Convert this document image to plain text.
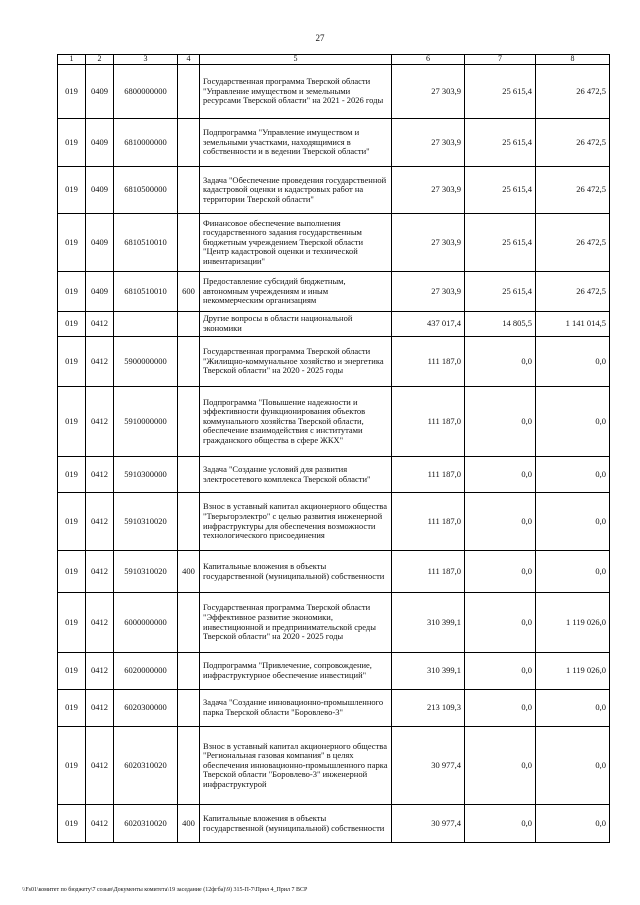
27
1	2	3	4	5	6	7	8
019	0409	6800000000		Государственная программа Тверской области "Управление имуществом и земельными ресурсами Тверской области" на 2021 - 2026 годы	27 303,9	25 615,4	26 472,5
019	0409	6810000000		Подпрограмма "Управление имуществом и земельными участками, находящимися в собственности и в ведении Тверской области"	27 303,9	25 615,4	26 472,5
019	0409	6810500000		Задача "Обеспечение проведения государственной кадастровой оценки и кадастровых работ на территории Тверской области"	27 303,9	25 615,4	26 472,5
019	0409	6810510010		Финансовое обеспечение выполнения государственного задания государственным бюджетным учреждением Тверской области "Центр кадастровой оценки и технической инвентаризации"	27 303,9	25 615,4	26 472,5
019	0409	6810510010	600	Предоставление субсидий бюджетным, автономным учреждениям и иным некоммерческим организациям	27 303,9	25 615,4	26 472,5
019	0412			Другие вопросы в области национальной экономики	437 017,4	14 805,5	1 141 014,5
019	0412	5900000000		Государственная программа Тверской области "Жилищно-коммунальное хозяйство и энергетика Тверской области" на 2020 - 2025 годы	111 187,0	0,0	0,0
019	0412	5910000000		Подпрограмма "Повышение надежности и эффективности функционирования объектов коммунального хозяйства Тверской области, обеспечение взаимодействия с институтами гражданского общества в сфере ЖКХ"	111 187,0	0,0	0,0
019	0412	5910300000		Задача "Создание условий для развития электросетевого комплекса Тверской области"	111 187,0	0,0	0,0
019	0412	5910310020		Взнос в уставный капитал акционерного общества "Тверьгорэлектро" с целью развития инженерной инфраструктуры для обеспечения возможности технологического присоединения	111 187,0	0,0	0,0
019	0412	5910310020	400	Капитальные вложения в объекты государственной (муниципальной) собственности	111 187,0	0,0	0,0
019	0412	6000000000		Государственная программа Тверской области "Эффективное развитие экономики, инвестиционной и предпринимательской среды Тверской области" на 2020 - 2025 годы	310 399,1	0,0	1 119 026,0
019	0412	6020000000		Подпрограмма "Привлечение, сопровождение, инфраструктурное обеспечение инвестиций"	310 399,1	0,0	1 119 026,0
019	0412	6020300000		Задача "Создание инновационно-промышленного парка Тверской области "Боровлево-3"	213 109,3	0,0	0,0
019	0412	6020310020		Взнос в уставный капитал акционерного общества "Региональная газовая компания" в целях обеспечения инновационно-промышленного парка Тверской области "Боровлево-3" инженерной инфраструктурой	30 977,4	0,0	0,0
019	0412	6020310020	400	Капитальные вложения в объекты государственной (муниципальной) собственности	30 977,4	0,0	0,0
\\Fs01\комитет по бюджету\7 созыв\Документы комитета\19 заседание (12фгба)\9) 315-П-7\Прил 4_Прил 7 ВСР
